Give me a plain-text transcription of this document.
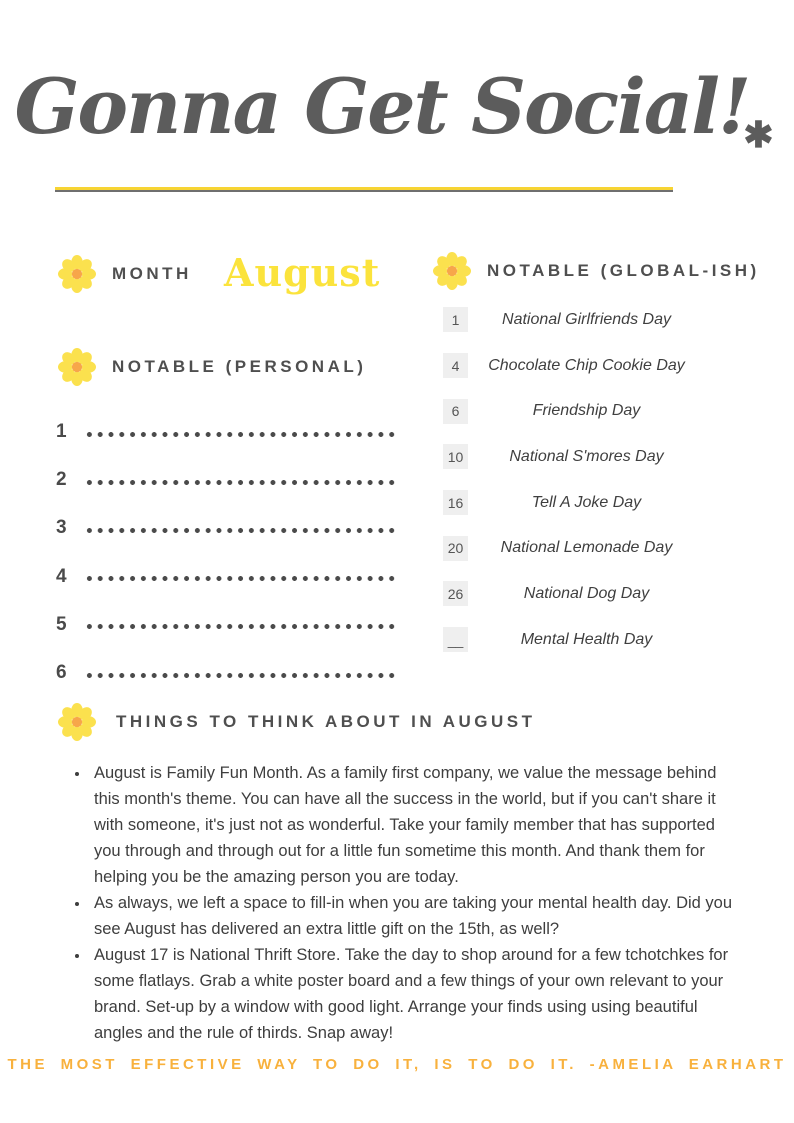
Gonna Get Social!✱
MONTH August
NOTABLE (PERSONAL)
1
2
3
4
5
6
NOTABLE (GLOBAL-ISH)
1	National Girlfriends Day
4	Chocolate Chip Cookie Day
6	Friendship Day
10	National S'mores Day
16	Tell A Joke Day
20	National Lemonade Day
26	National Dog Day
__	Mental Health Day
THINGS TO THINK ABOUT IN AUGUST
• August is Family Fun Month. As a family first company, we value the message behind this month's theme. You can have all the success in the world, but if you can't share it with someone, it's just not as wonderful. Take your family member that has supported you through and through out for a little fun sometime this month. And thank them for helping you be the amazing person you are today.
• As always, we left a space to fill-in when you are taking your mental health day. Did you see August has delivered an extra little gift on the 15th, as well?
• August 17 is National Thrift Store. Take the day to shop around for a few tchotchkes for some flatlays. Grab a white poster board and a few things of your own relevant to your brand. Set-up by a window with good light. Arrange your finds using using beautiful angles and the rule of thirds. Snap away!
THE MOST EFFECTIVE WAY TO DO IT, IS TO DO IT. -AMELIA EARHART
